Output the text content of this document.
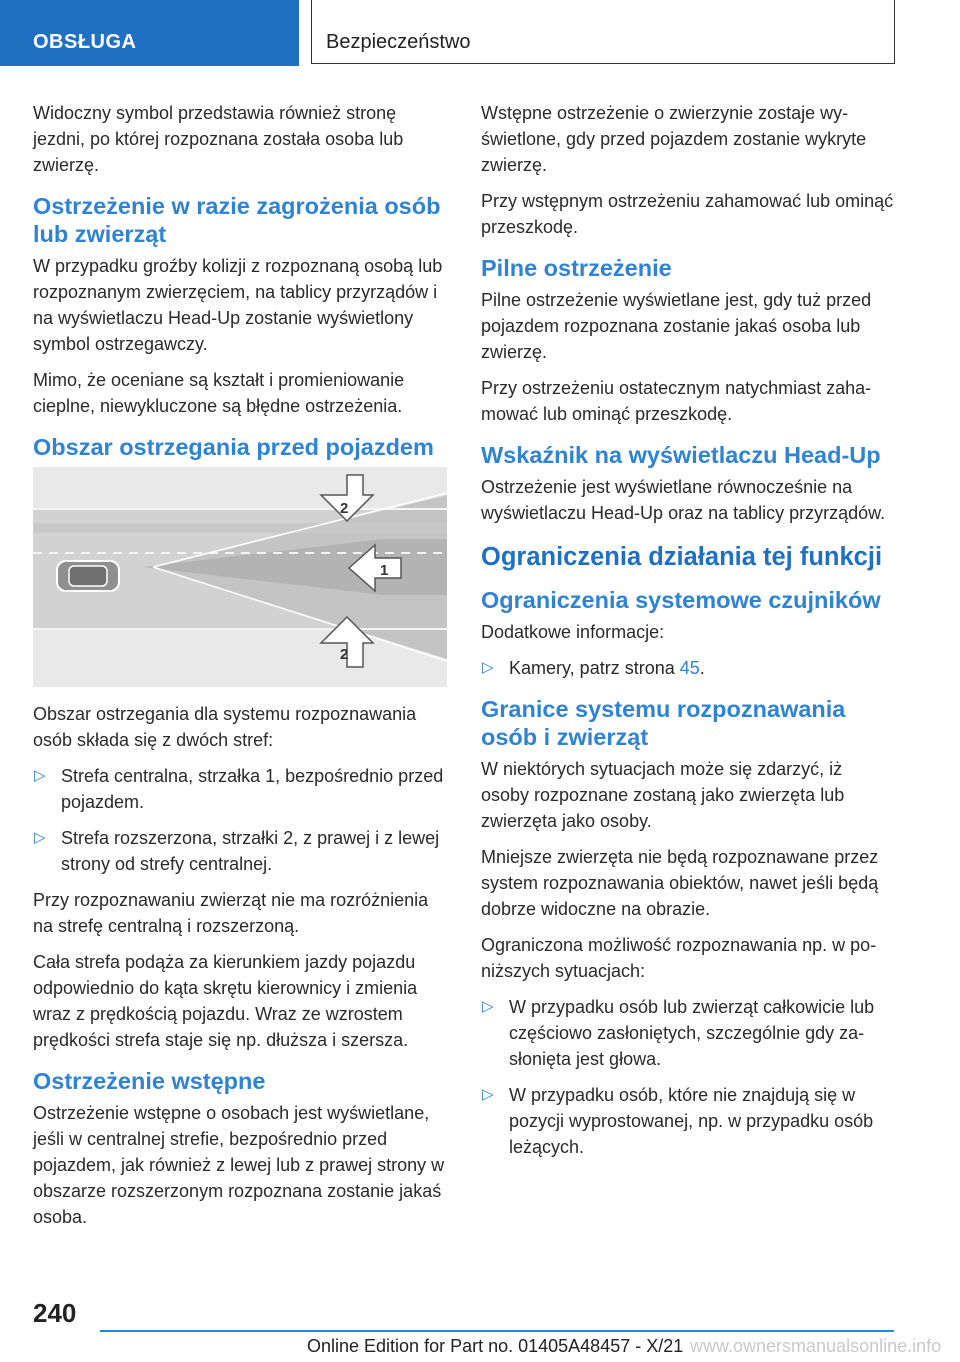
OBSŁUGA	Bezpieczeństwo

Widoczny symbol przedstawia również stronę jezdni, po której rozpoznana została osoba lub zwierzę.

Ostrzeżenie w razie zagrożenia osób lub zwierząt

W przypadku groźby kolizji z rozpoznaną osobą lub rozpoznanym zwierzęciem, na tablicy przyrządów i na wyświetlaczu Head-Up zostanie wyświetlony symbol ostrzegawczy.

Mimo, że oceniane są kształt i promieniowanie cieplne, niewykluczone są błędne ostrzeżenia.

Obszar ostrzegania przed pojazdem
1
2
2

Obszar ostrzegania dla systemu rozpoznawania osób składa się z dwóch stref:

▷ Strefa centralna, strzałka 1, bezpośrednio przed pojazdem.
▷ Strefa rozszerzona, strzałki 2, z prawej i z lewej strony od strefy centralnej.

Przy rozpoznawaniu zwierząt nie ma rozróżnienia na strefę centralną i rozszerzoną.

Cała strefa podąża za kierunkiem jazdy pojazdu odpowiednio do kąta skrętu kierownicy i zmienia wraz z prędkością pojazdu. Wraz ze wzrostem prędkości strefa staje się np. dłuższa i szersza.

Ostrzeżenie wstępne

Ostrzeżenie wstępne o osobach jest wyświetlane, jeśli w centralnej strefie, bezpośrednio przed pojazdem, jak również z lewej lub z prawej strony w obszarze rozszerzonym rozpoznana zostanie jakaś osoba.

Wstępne ostrzeżenie o zwierzynie zostaje wyświetlone, gdy przed pojazdem zostanie wykryte zwierzę.

Przy wstępnym ostrzeżeniu zahamować lub ominąć przeszkodę.

Pilne ostrzeżenie

Pilne ostrzeżenie wyświetlane jest, gdy tuż przed pojazdem rozpoznana zostanie jakaś osoba lub zwierzę.

Przy ostrzeżeniu ostatecznym natychmiast zahamować lub ominąć przeszkodę.

Wskaźnik na wyświetlaczu Head-Up

Ostrzeżenie jest wyświetlane równocześnie na wyświetlaczu Head-Up oraz na tablicy przyrządów.

Ograniczenia działania tej funkcji
Ograniczenia systemowe czujników

Dodatkowe informacje:

▷ Kamery, patrz strona 45.
Granice systemu rozpoznawania osób i zwierząt

W niektórych sytuacjach może się zdarzyć, iż osoby rozpoznane zostaną jako zwierzęta lub zwierzęta jako osoby.

Mniejsze zwierzęta nie będą rozpoznawane przez system rozpoznawania obiektów, nawet jeśli będą dobrze widoczne na obrazie.

Ograniczona możliwość rozpoznawania np. w poniższych sytuacjach:

▷ W przypadku osób lub zwierząt całkowicie lub częściowo zasłoniętych, szczególnie gdy zasłonięta jest głowa.
▷ W przypadku osób, które nie znajdują się w pozycji wyprostowanej, np. w przypadku osób leżących.
240
Online Edition for Part no. 01405A48457 - X/21 www.ownersmanualsonline.info
